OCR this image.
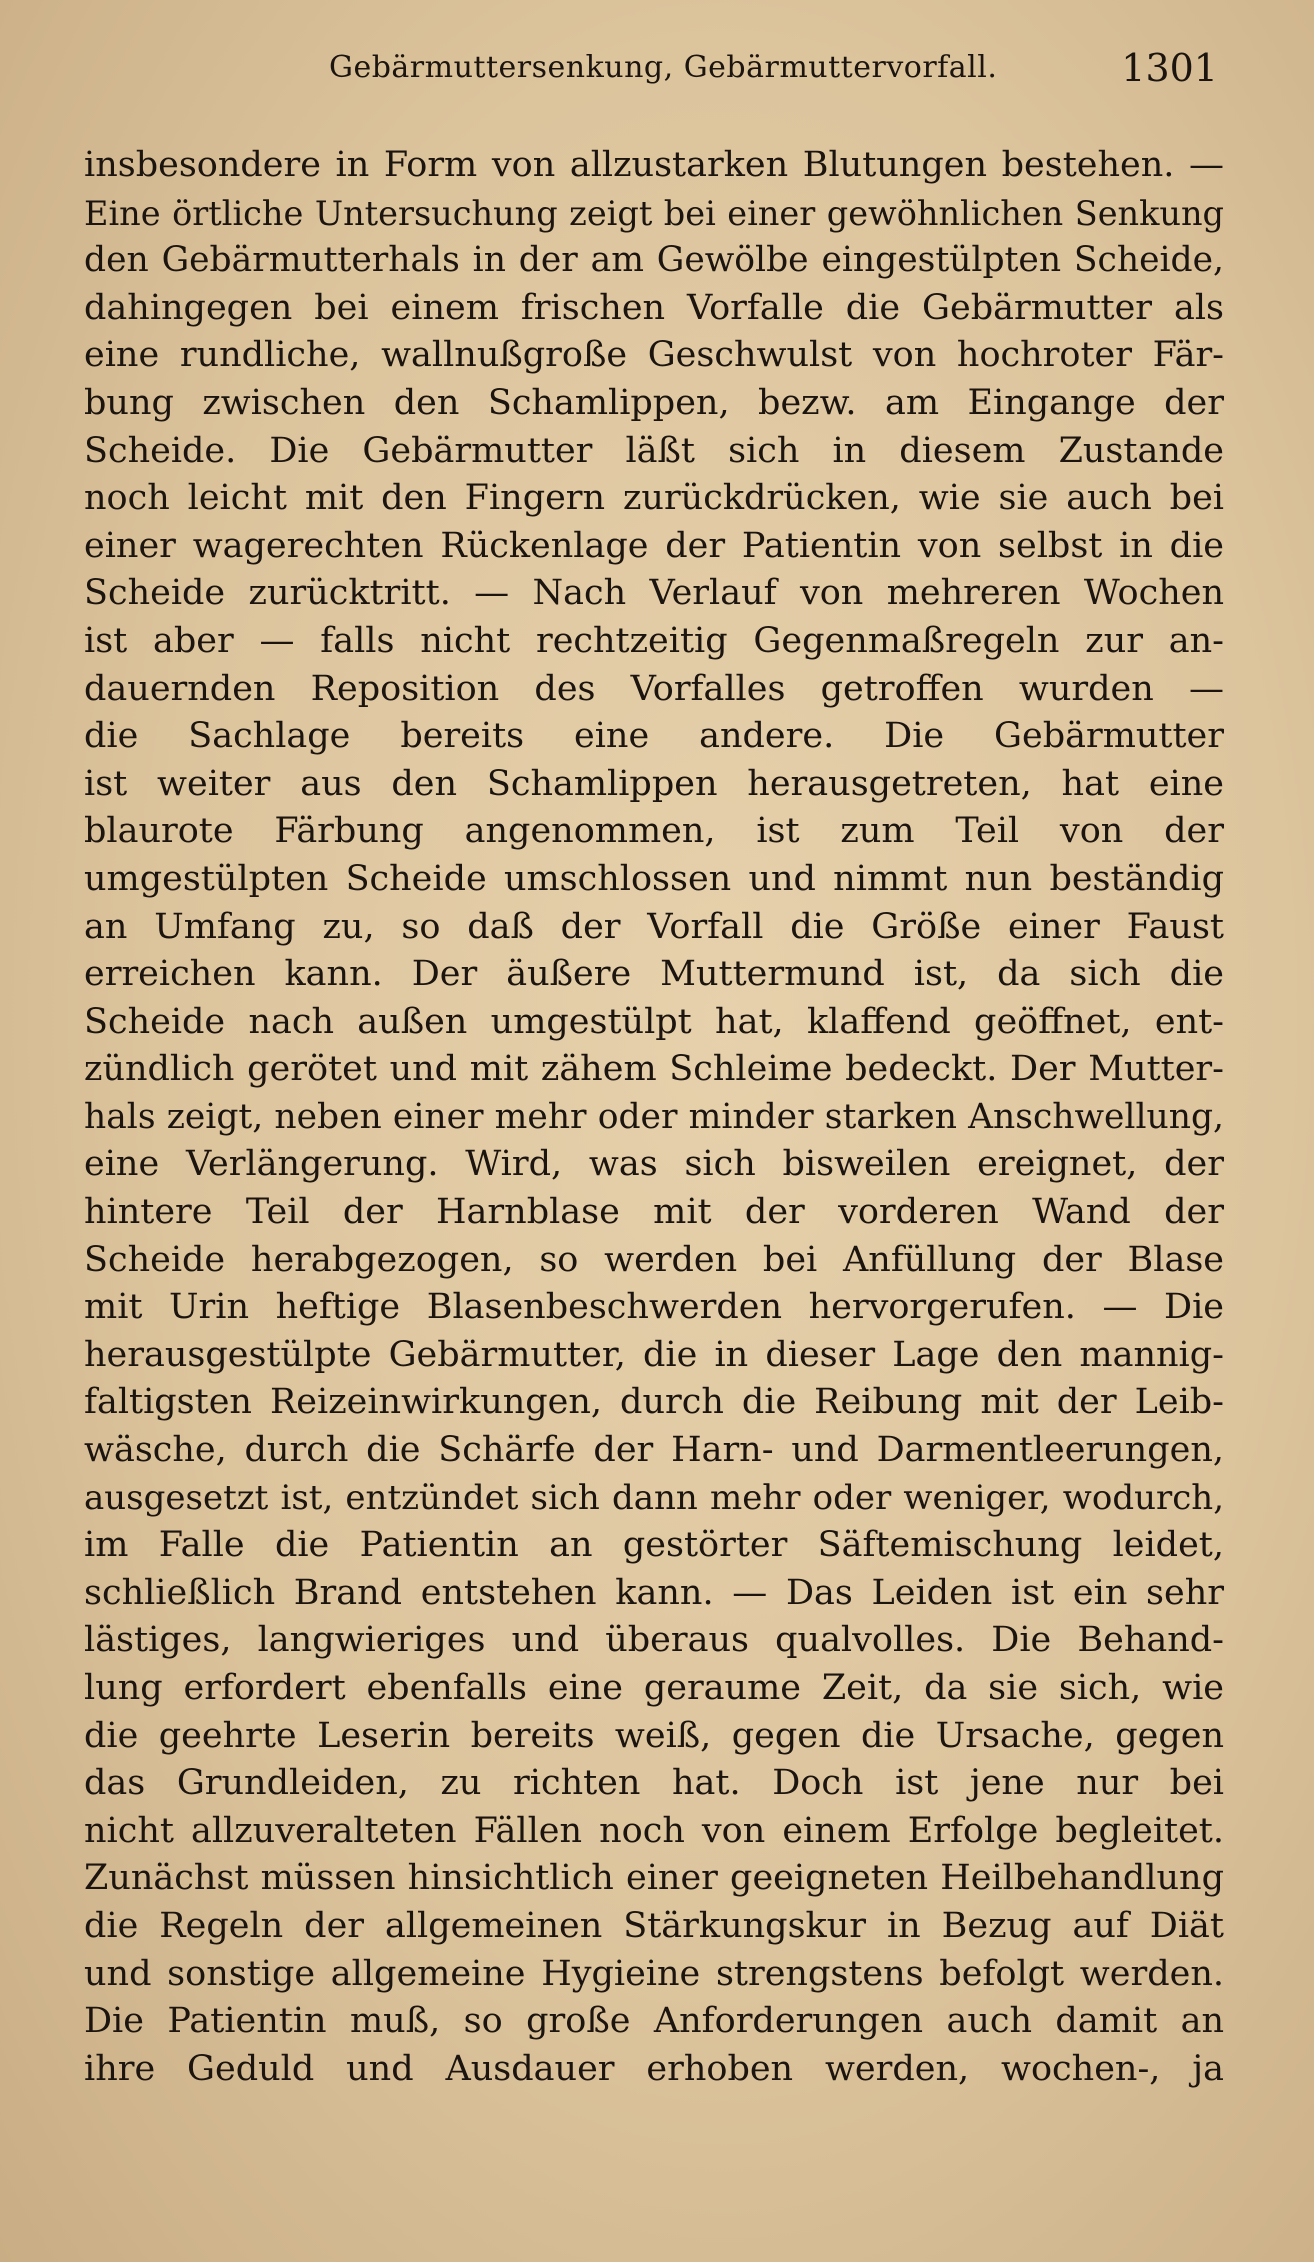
Gebärmuttersenkung, Gebärmuttervorfall.	1301
insbesondere in Form von allzustarken Blutungen bestehen. —
Eine örtliche Untersuchung zeigt bei einer gewöhnlichen Senkung
den Gebärmutterhals in der am Gewölbe eingestülpten Scheide,
dahingegen bei einem frischen Vorfalle die Gebärmutter als
eine rundliche, wallnußgroße Geschwulst von hochroter Fär-
bung zwischen den Schamlippen, bezw. am Eingange der
Scheide. Die Gebärmutter läßt sich in diesem Zustande
noch leicht mit den Fingern zurückdrücken, wie sie auch bei
einer wagerechten Rückenlage der Patientin von selbst in die
Scheide zurücktritt. — Nach Verlauf von mehreren Wochen
ist aber — falls nicht rechtzeitig Gegenmaßregeln zur an-
dauernden Reposition des Vorfalles getroffen wurden —
die Sachlage bereits eine andere. Die Gebärmutter
ist weiter aus den Schamlippen herausgetreten, hat eine
blaurote Färbung angenommen, ist zum Teil von der
umgestülpten Scheide umschlossen und nimmt nun beständig
an Umfang zu, so daß der Vorfall die Größe einer Faust
erreichen kann. Der äußere Muttermund ist, da sich die
Scheide nach außen umgestülpt hat, klaffend geöffnet, ent-
zündlich gerötet und mit zähem Schleime bedeckt. Der Mutter-
hals zeigt, neben einer mehr oder minder starken Anschwellung,
eine Verlängerung. Wird, was sich bisweilen ereignet, der
hintere Teil der Harnblase mit der vorderen Wand der
Scheide herabgezogen, so werden bei Anfüllung der Blase
mit Urin heftige Blasenbeschwerden hervorgerufen. — Die
herausgestülpte Gebärmutter, die in dieser Lage den mannig-
faltigsten Reizeinwirkungen, durch die Reibung mit der Leib-
wäsche, durch die Schärfe der Harn- und Darmentleerungen,
ausgesetzt ist, entzündet sich dann mehr oder weniger, wodurch,
im Falle die Patientin an gestörter Säftemischung leidet,
schließlich Brand entstehen kann. — Das Leiden ist ein sehr
lästiges, langwieriges und überaus qualvolles. Die Behand-
lung erfordert ebenfalls eine geraume Zeit, da sie sich, wie
die geehrte Leserin bereits weiß, gegen die Ursache, gegen
das Grundleiden, zu richten hat. Doch ist jene nur bei
nicht allzuveralteten Fällen noch von einem Erfolge begleitet.
Zunächst müssen hinsichtlich einer geeigneten Heilbehandlung
die Regeln der allgemeinen Stärkungskur in Bezug auf Diät
und sonstige allgemeine Hygieine strengstens befolgt werden.
Die Patientin muß, so große Anforderungen auch damit an
ihre Geduld und Ausdauer erhoben werden, wochen-, ja
